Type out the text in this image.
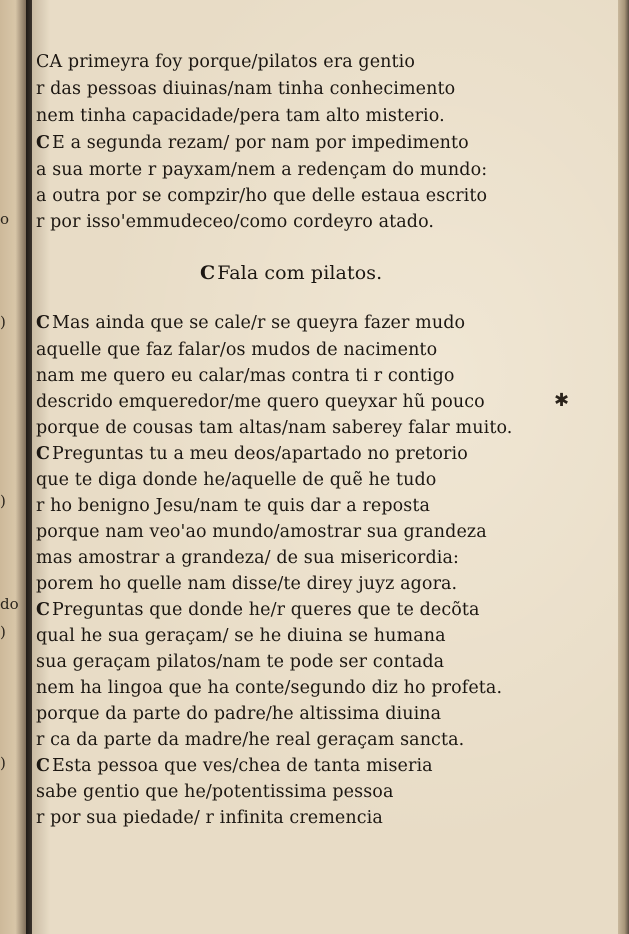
o
)
)
do
)
)
CA primeyra foy porque/pilatos era gentio
r das pessoas diuinas/nam tinha conhecimento
nem tinha capacidade/pera tam alto misterio.
C E a segunda rezam/ por nam por impedimento
a sua morte r payxam/nem a redençam do mundo:
a outra por se compzir/ho que delle estaua escrito
r por isso'emmudeceo/como cordeyro atado.
C Fala com pilatos.
C Mas ainda que se cale/r se queyra fazer mudo
aquelle que faz falar/os mudos de nacimento
nam me quero eu calar/mas contra ti r contigo
descrido emqueredor/me quero queyxar hũ pouco
porque de cousas tam altas/nam saberey falar muito.
C Preguntas tu a meu deos/apartado no pretorio
que te diga donde he/aquelle de quẽ he tudo
r ho benigno Jesu/nam te quis dar a reposta
porque nam veo'ao mundo/amostrar sua grandeza
mas amostrar a grandeza/ de sua misericordia:
porem ho quelle nam disse/te direy juyz agora.
C Preguntas que donde he/r queres que te decõta
qual he sua geraçam/ se he diuina se humana
sua geraçam pilatos/nam te pode ser contada
nem ha lingoa que ha conte/segundo diz ho profeta.
porque da parte do padre/he altissima diuina
r ca da parte da madre/he real geraçam sancta.
C Esta pessoa que ves/chea de tanta miseria
sabe gentio que he/potentissima pessoa
r por sua piedade/ r infinita cremencia
✱
